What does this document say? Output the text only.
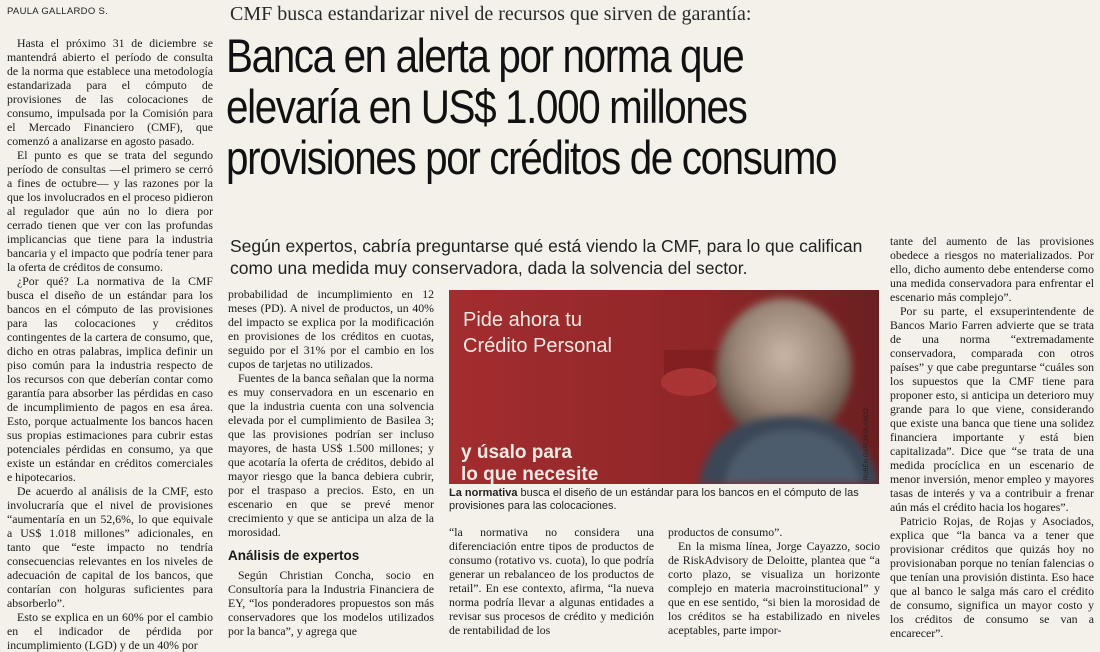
PAULA GALLARDO S.

Hasta el próximo 31 de diciembre se mantendrá abierto el período de consulta de la norma que establece una metodología estandarizada para el cómputo de provisiones de las colocaciones de consumo, impulsada por la Comisión para el Mercado Financiero (CMF), que comenzó a analizarse en agosto pasado.

El punto es que se trata del segundo período de consultas —el primero se cerró a fines de octubre— y las razones por la que los involucrados en el proceso pidieron al regulador que aún no lo diera por cerrado tienen que ver con las profundas implicancias que tiene para la industria bancaria y el impacto que podría tener para la oferta de créditos de consumo.

¿Por qué? La normativa de la CMF busca el diseño de un estándar para los bancos en el cómputo de las provisiones para las colocaciones y créditos contingentes de la cartera de consumo, que, dicho en otras palabras, implica definir un piso común para la industria respecto de los recursos con que deberían contar como garantía para absorber las pérdidas en caso de incumplimiento de pagos en esa área. Esto, porque actualmente los bancos hacen sus propias estimaciones para cubrir estas potenciales pérdidas en consumo, ya que existe un estándar en créditos comerciales e hipotecarios.

De acuerdo al análisis de la CMF, esto involucraría que el nivel de provisiones “aumentaría en un 52,6%, lo que equivale a US$ 1.018 millones” adicionales, en tanto que “este impacto no tendría consecuencias relevantes en los niveles de adecuación de capital de los bancos, que contarían con holguras suficientes para absorberlo”.

Esto se explica en un 60% por el cambio en el indicador de pérdida por incumplimiento (LGD) y de un 40% por

CMF busca estandarizar nivel de recursos que sirven de garantía:
Banca en alerta por norma que
elevaría en US$ 1.000 millones
provisiones por créditos de consumo
Según expertos, cabría preguntarse qué está viendo la CMF, para lo que califican como una medida muy conservadora, dada la solvencia del sector.

probabilidad de incumplimiento en 12 meses (PD). A nivel de productos, un 40% del impacto se explica por la modificación en provisiones de los créditos en cuotas, seguido por el 31% por el cambio en los cupos de tarjetas no utilizados.

Fuentes de la banca señalan que la norma es muy conservadora en un escenario en que la industria cuenta con una solvencia elevada por el cumplimiento de Basilea 3; que las provisiones podrían ser incluso mayores, de hasta US$ 1.500 millones; y que acotaría la oferta de créditos, debido al mayor riesgo que la banca debiera cubrir, por el traspaso a precios. Esto, en un escenario en que se prevé menor crecimiento y que se anticipa un alza de la morosidad.

Análisis de expertos

Según Christian Concha, socio en Consultoría para la Industria Financiera de EY, “los ponderadores propuestos son más conservadores que los modelos utilizados por la banca”, y agrega que

Pide ahora tu
Crédito Personal
y úsalo para
lo que necesite	RUBÉN GARCÍA BLANCO
La normativa busca el diseño de un estándar para los bancos en el cómputo de las provisiones para las colocaciones.

“la normativa no considera una diferenciación entre tipos de productos de consumo (rotativo vs. cuota), lo que podría generar un rebalanceo de los productos de retail”. En ese contexto, afirma, “la nueva norma podría llevar a algunas entidades a revisar sus procesos de crédito y medición de rentabilidad de los

productos de consumo”.

En la misma línea, Jorge Cayazzo, socio de RiskAdvisory de Deloitte, plantea que “a corto plazo, se visualiza un horizonte complejo en materia macroinstitucional” y que en ese sentido, “si bien la morosidad de los créditos se ha estabilizado en niveles aceptables, parte impor-

tante del aumento de las provisiones obedece a riesgos no materializados. Por ello, dicho aumento debe entenderse como una medida conservadora para enfrentar el escenario más complejo”.

Por su parte, el exsuperintendente de Bancos Mario Farren advierte que se trata de una norma “extremadamente conservadora, comparada con otros países” y que cabe preguntarse “cuáles son los supuestos que la CMF tiene para proponer esto, si anticipa un deterioro muy grande para lo que viene, considerando que existe una banca que tiene una solidez financiera importante y está bien capitalizada”. Dice que “se trata de una medida procíclica en un escenario de menor inversión, menor empleo y mayores tasas de interés y va a contribuir a frenar aún más el crédito hacia los hogares”.

Patricio Rojas, de Rojas y Asociados, explica que “la banca va a tener que provisionar créditos que quizás hoy no provisionaban porque no tenían falencias o que tenían una provisión distinta. Eso hace que al banco le salga más caro el crédito de consumo, significa un mayor costo y los créditos de consumo se van a encarecer”.
